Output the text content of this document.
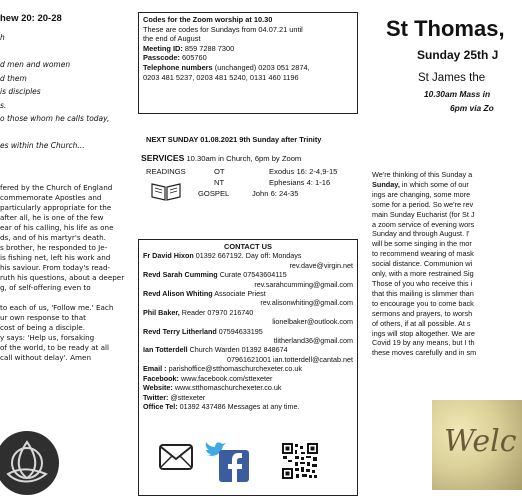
hew 20: 20-28
h
d men and women
d them
is disciples
s.
o those whom he calls today,
es within the Church...
fered by the Church of England
commemorate Apostles and
particularly appropriate for the
after all, he is one of the few
ear of his calling, his life as one
ds, and of his martyr's death.
s brother, he responded to Je-
is fishing net, left his work and
his saviour. From today's read-
ruth his questions, about a deeper
g, of self-offering even to
to each of us, 'Follow me.' Each
ur own response to that
cost of being a disciple.
y says: 'Help us, forsaking
of the world, to be ready at all
call without delay'. Amen
Codes for the Zoom worship at 10.30
These are codes for Sundays from 04.07.21 until
the end of August
Meeting ID: 859 7288 7300
Passcode: 605760
Telephone numbers (unchanged) 0203 051 2874,
0203 481 5237, 0203 481 5240, 0131 460 1196
NEXT SUNDAY 01.08.2021 9th Sunday after Trinity
SERVICES 10.30am in Church, 6pm by Zoom
READINGS	OT	Exodus 16: 2-4,9-15
NT	Ephesians 4: 1-16
GOSPEL	John 6: 24-35
CONTACT US
Fr David Hixon 01392 667192. Day off: Mondays
rev.dave@virgin.net
Revd Sarah Cumming Curate 07543604115
rev.sarahcumming@gmail.com
Revd Alison Whiting Associate Priest
rev.alisonwhiting@gmail.com
Phil Baker, Reader 07970 216740
lionelbaker@outlook.com
Revd Terry Litherland 07594633195
tlitherland36@gmail.com
Ian Totterdell Church Warden 01392 848674
07961621001 ian.totterdell@cantab.net
Email : parishoffice@stthomaschurchexeter.co.uk
Facebook: www.facebook.com/sttexeter
Website: www.stthomaschurchexeter.co.uk
Twitter: @sttexeter
Office Tel: 01392 437486 Messages at any time.
St Thomas,
Sunday 25th J
St James the
10.30am Mass in
6pm via Zo
We're thinking of this Sunday a
Sunday, in which some of our
ings are changing, some more
some for a period. So we're rev
main Sunday Eucharist (for St J
a zoom service of evening wors
Sunday and through August. I'
will be some singing in the mor
to recommend wearing of mask
social distance. Communion wi
only, with a more restrained Sig
Those of you who receive this i
that this mailing is slimmer than
to encourage you to come back
sermons and prayers, to worsh
of others, if at all possible. At s
ings will stop altogether. We are
Covid 19 by any means, but I th
these moves carefully and in sm
Welc
